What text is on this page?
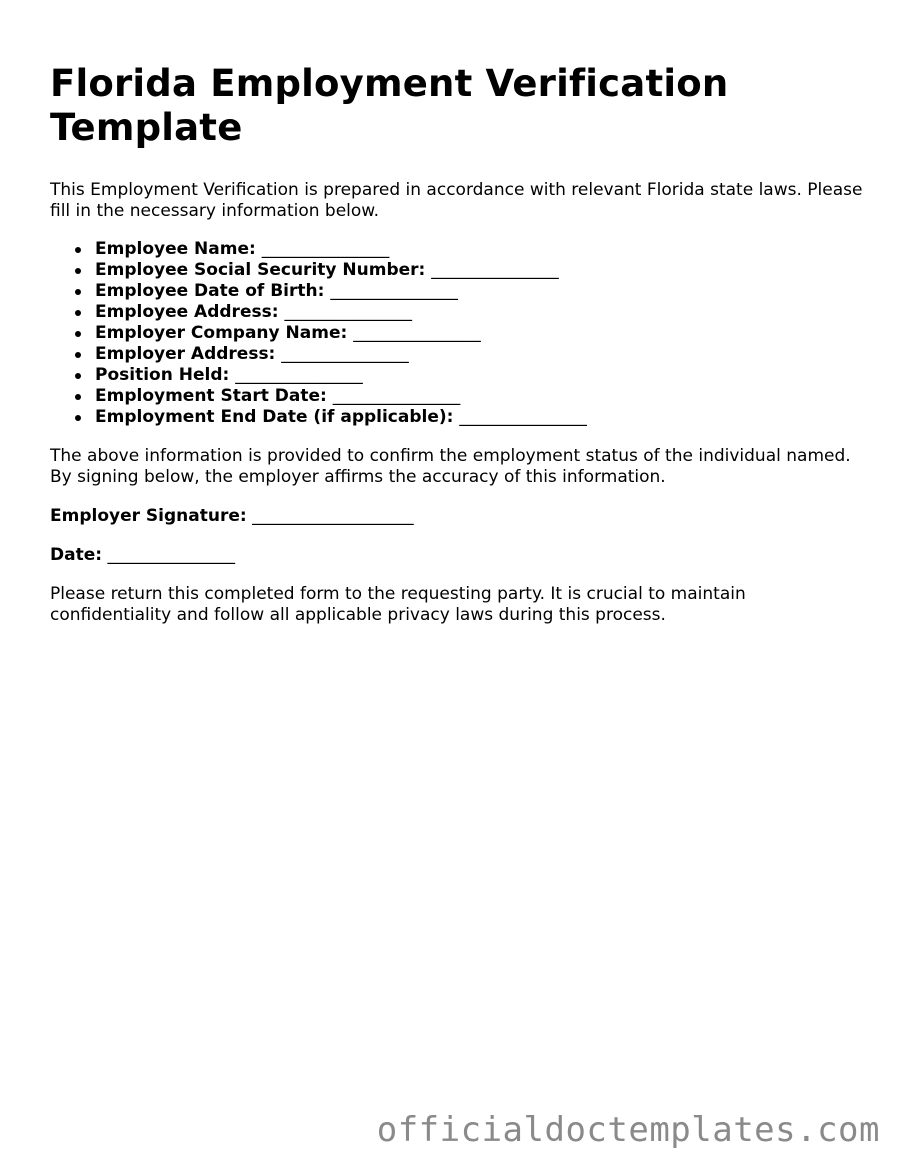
Florida Employment Verification Template

This Employment Verification is prepared in accordance with relevant Florida state laws. Please fill in the necessary information below.

Employee Name: _______________
Employee Social Security Number: _______________
Employee Date of Birth: _______________
Employee Address: _______________
Employer Company Name: _______________
Employer Address: _______________
Position Held: _______________
Employment Start Date: _______________
Employment End Date (if applicable): _______________

The above information is provided to confirm the employment status of the individual named. By signing below, the employer affirms the accuracy of this information.

Employer Signature: ___________________
Date: _______________

Please return this completed form to the requesting party. It is crucial to maintain confidentiality and follow all applicable privacy laws during this process.

officialdoctemplates.com
